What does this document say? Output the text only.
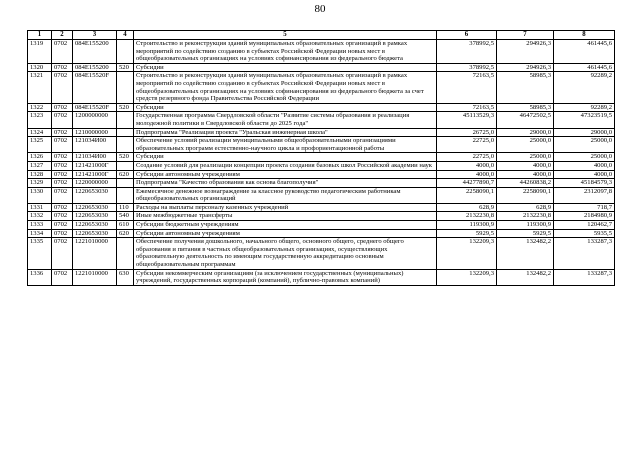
80
1	2	3	4	5	6	7	8
1319	0702	084E155200		Строительство и реконструкция зданий муниципальных образовательных организаций в рамках мероприятий по содействию созданию в субъектах Российской Федерации новых мест в общеобразовательных организациях на условиях софинансирования из федерального бюджета	378992,5	294926,3	461445,6
1320	0702	084E155200	520	Субсидии	378992,5	294926,3	461445,6
1321	0702	084E15520F		Строительство и реконструкция зданий муниципальных образовательных организаций в рамках мероприятий по содействию созданию в субъектах Российской Федерации новых мест в общеобразовательных организациях на условиях софинансирования из федерального бюджета за счет средств резервного фонда Правительства Российской Федерации	72163,5	58985,3	92289,2
1322	0702	084E15520F	520	Субсидии	72163,5	58985,3	92289,2
1323	0702	1200000000		Государственная программа Свердловской области "Развитие системы образования и реализация молодежной политики в Свердловской области до 2025 года"	45113529,3	46472502,5	47323519,5
1324	0702	1210000000		Подпрограмма "Реализация проекта "Уральская инженерная школа"	26725,0	29000,0	29000,0
1325	0702	121034И00		Обеспечение условий реализации муниципальными общеобразовательными организациями образовательных программ естественно-научного цикла и профориентационной работы	22725,0	25000,0	25000,0
1326	0702	121034И00	520	Субсидии	22725,0	25000,0	25000,0
1327	0702	121421000Г		Создание условий для реализации концепции проекта создания базовых школ Российской академии наук	4000,0	4000,0	4000,0
1328	0702	121421000Г	620	Субсидии автономным учреждениям	4000,0	4000,0	4000,0
1329	0702	1220000000		Подпрограмма "Качество образования как основа благополучия"	44277890,7	44260838,2	45184579,3
1330	0702	1220653030		Ежемесячное денежное вознаграждение за классное руководство педагогическим работникам общеобразовательных организаций	2258090,1	2258090,1	2312097,8
1331	0702	1220653030	110	Расходы на выплаты персоналу казенных учреждений	628,9	628,9	718,7
1332	0702	1220653030	540	Иные межбюджетные трансферты	2132230,8	2132230,8	2184980,9
1333	0702	1220653030	610	Субсидии бюджетным учреждениям	119300,9	119300,9	120462,7
1334	0702	1220653030	620	Субсидии автономным учреждениям	5929,5	5929,5	5935,5
1335	0702	1221010000		Обеспечение получения дошкольного, начального общего, основного общего, среднего общего образования и питания в частных общеобразовательных организациях, осуществляющих образовательную деятельность по имеющим государственную аккредитацию основным общеобразовательным программам	132209,3	132482,2	133287,3
1336	0702	1221010000	630	Субсидии некоммерческим организациям (за исключением государственных (муниципальных) учреждений, государственных корпораций (компаний), публично-правовых компаний)	132209,3	132482,2	133287,3
